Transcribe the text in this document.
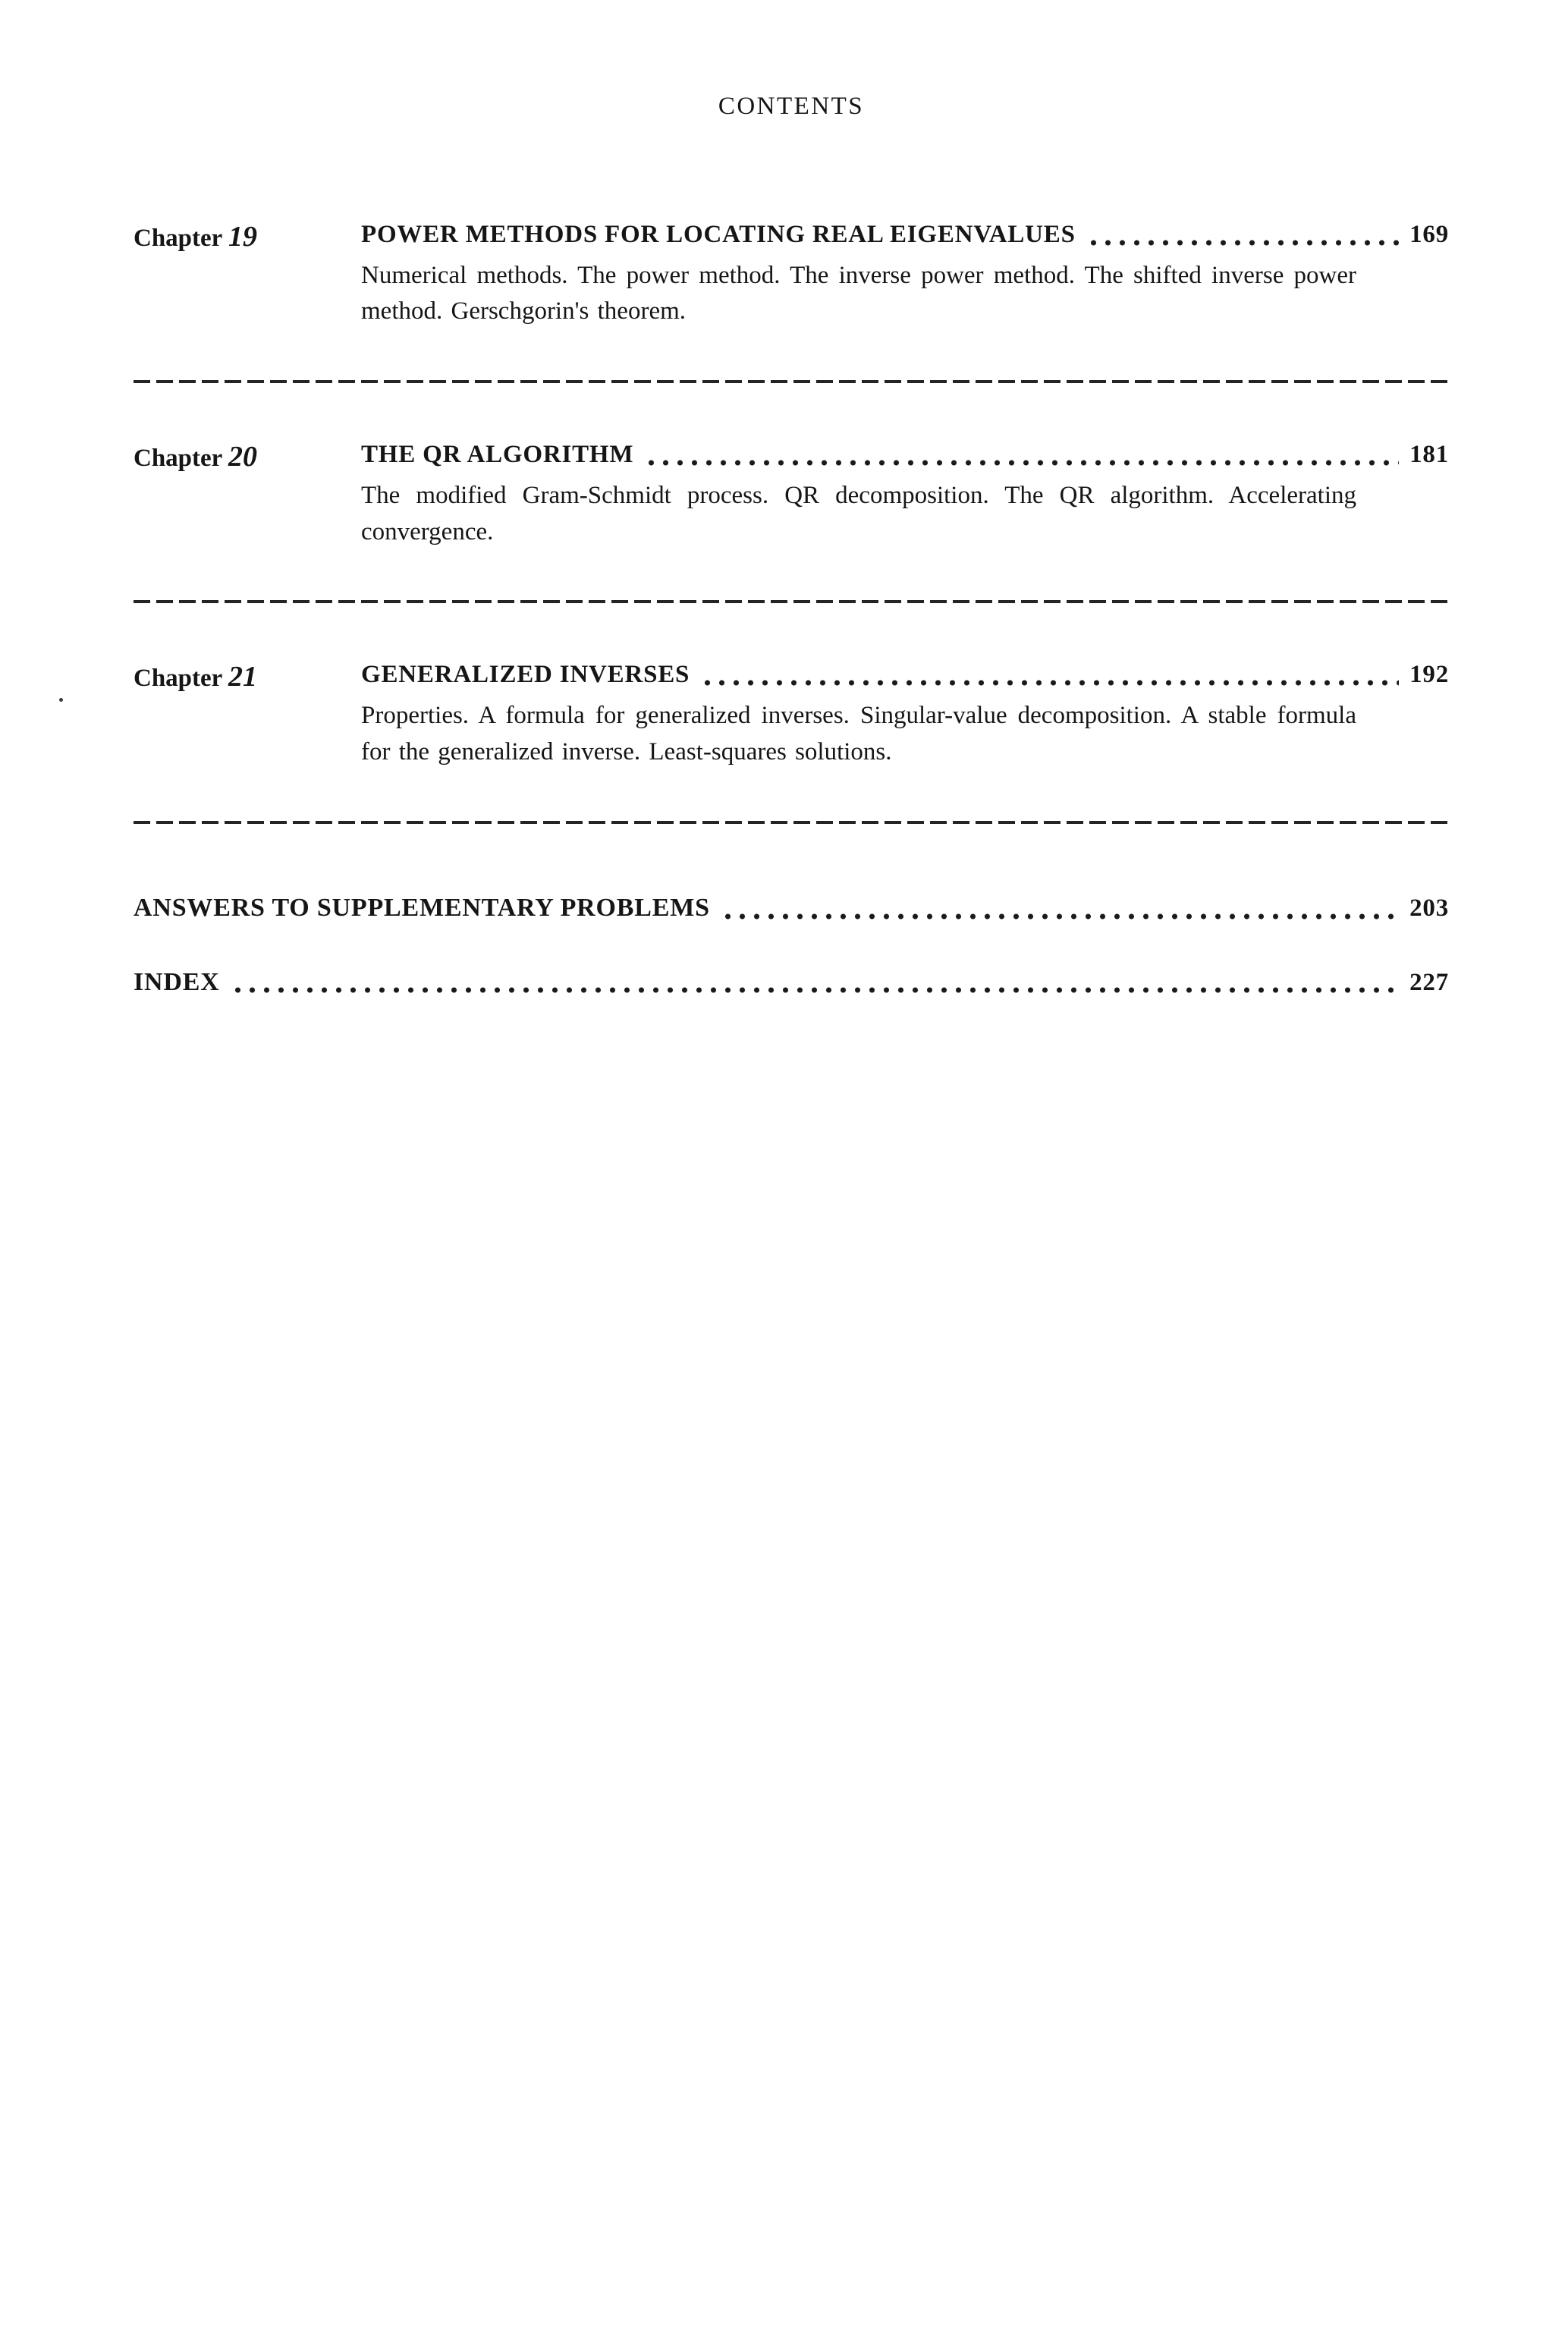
CONTENTS
Chapter 19	POWER METHODS FOR LOCATING REAL EIGENVALUES	169
Numerical methods. The power method. The inverse power method. The shifted inverse power method. Gerschgorin's theorem.
Chapter 20	THE QR ALGORITHM	181
The modified Gram-Schmidt process. QR decomposition. The QR algorithm. Accelerating convergence.
Chapter 21	GENERALIZED INVERSES	192
Properties. A formula for generalized inverses. Singular-value decomposition. A stable formula for the generalized inverse. Least-squares solutions.
ANSWERS TO SUPPLEMENTARY PROBLEMS	203
INDEX	227
